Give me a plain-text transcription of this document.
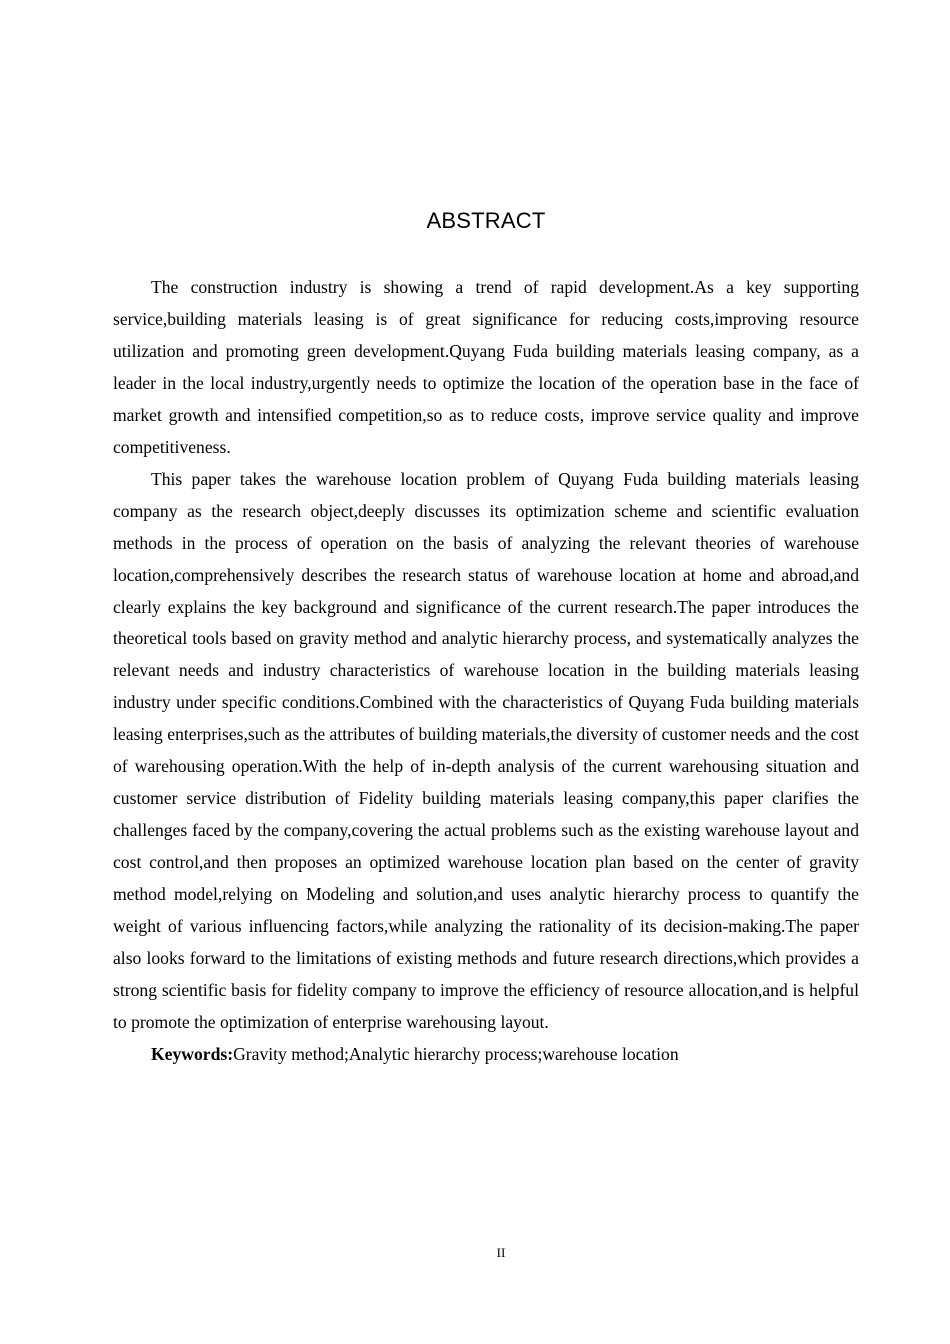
ABSTRACT

The construction industry is showing a trend of rapid development.As a key supporting service,building materials leasing is of great significance for reducing costs,improving resource utilization and promoting green development.Quyang Fuda building materials leasing company, as a leader in the local industry,urgently needs to optimize the location of the operation base in the face of market growth and intensified competition,so as to reduce costs, improve service quality and improve competitiveness.

This paper takes the warehouse location problem of Quyang Fuda building materials leasing company as the research object,deeply discusses its optimization scheme and scientific evaluation methods in the process of operation on the basis of analyzing the relevant theories of warehouse location,comprehensively describes the research status of warehouse location at home and abroad,and clearly explains the key background and significance of the current research.The paper introduces the theoretical tools based on gravity method and analytic hierarchy process, and systematically analyzes the relevant needs and industry characteristics of warehouse location in the building materials leasing industry under specific conditions.Combined with the characteristics of Quyang Fuda building materials leasing enterprises,such as the attributes of building materials,the diversity of customer needs and the cost of warehousing operation.With the help of in-depth analysis of the current warehousing situation and customer service distribution of Fidelity building materials leasing company,this paper clarifies the challenges faced by the company,covering the actual problems such as the existing warehouse layout and cost control,and then proposes an optimized warehouse location plan based on the center of gravity method model,relying on Modeling and solution,and uses analytic hierarchy process to quantify the weight of various influencing factors,while analyzing the rationality of its decision-making.The paper also looks forward to the limitations of existing methods and future research directions,which provides a strong scientific basis for fidelity company to improve the efficiency of resource allocation,and is helpful to promote the optimization of enterprise warehousing layout.

Keywords:Gravity method;Analytic hierarchy process;warehouse location

II
